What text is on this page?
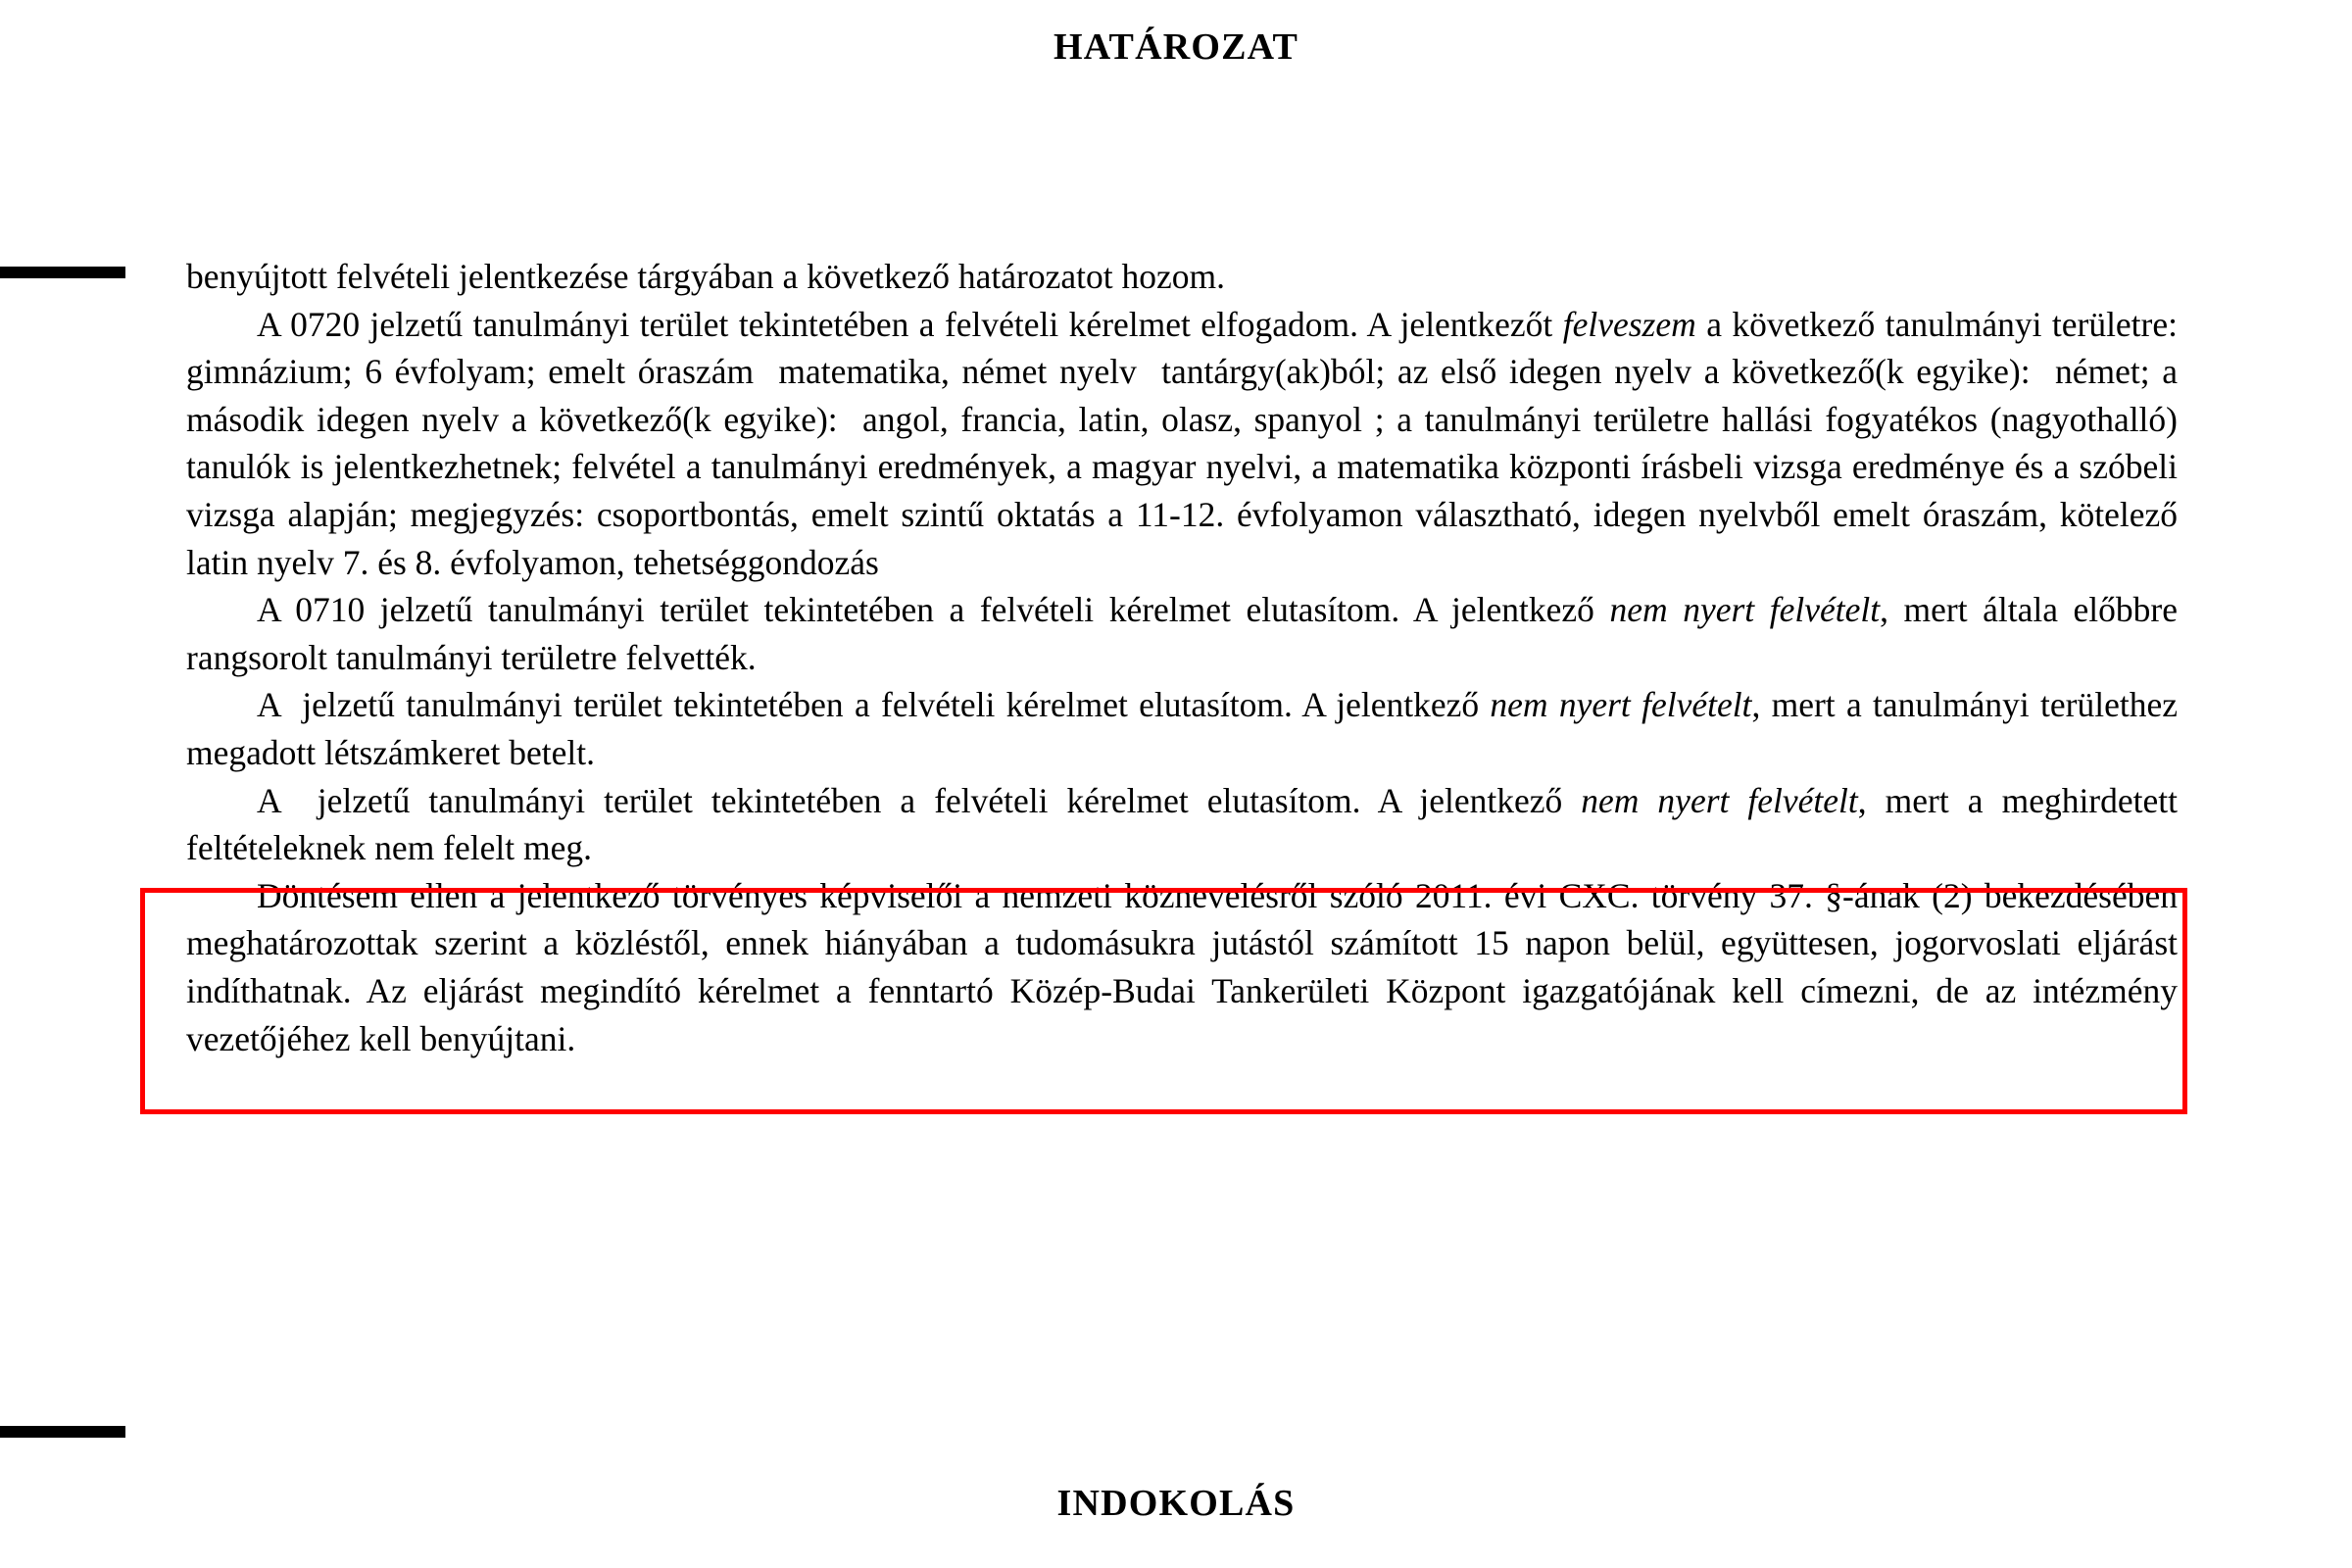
HATÁROZAT

benyújtott felvételi jelentkezése tárgyában a következő határozatot hozom.

A 0720 jelzetű tanulmányi terület tekintetében a felvételi kérelmet elfogadom. A jelentkezőt felveszem a következő tanulmányi területre: gimnázium; 6 évfolyam; emelt óraszám  matematika, német nyelv  tantárgy(ak)ból; az első idegen nyelv a következő(k egyike):  német; a második idegen nyelv a következő(k egyike):  angol, francia, latin, olasz, spanyol ; a tanulmányi területre hallási fogyatékos (nagyothalló) tanulók is jelentkezhetnek; felvétel a tanulmányi eredmények, a magyar nyelvi, a matematika központi írásbeli vizsga eredménye és a szóbeli vizsga alapján; megjegyzés: csoportbontás, emelt szintű oktatás a 11-12. évfolyamon választható, idegen nyelvből emelt óraszám, kötelező latin nyelv 7. és 8. évfolyamon, tehetséggondozás

A 0710 jelzetű tanulmányi terület tekintetében a felvételi kérelmet elutasítom. A jelentkező nem nyert felvételt, mert általa előbbre rangsorolt tanulmányi területre felvették.

A  jelzetű tanulmányi terület tekintetében a felvételi kérelmet elutasítom. A jelentkező nem nyert felvételt, mert a tanulmányi területhez megadott létszámkeret betelt.

A  jelzetű tanulmányi terület tekintetében a felvételi kérelmet elutasítom. A jelentkező nem nyert felvételt, mert a meghirdetett feltételeknek nem felelt meg.

Döntésem ellen a jelentkező törvényes képviselői a nemzeti köznevelésről szóló 2011. évi CXC. törvény 37. §-ának (2) bekezdésében meghatározottak szerint a közléstől, ennek hiányában a tudomásukra jutástól számított 15 napon belül, együttesen, jogorvoslati eljárást indíthatnak. Az eljárást megindító kérelmet a fenntartó Közép-Budai Tankerületi Központ igazgatójának kell címezni, de az intézmény vezetőjéhez kell benyújtani.

INDOKOLÁS
